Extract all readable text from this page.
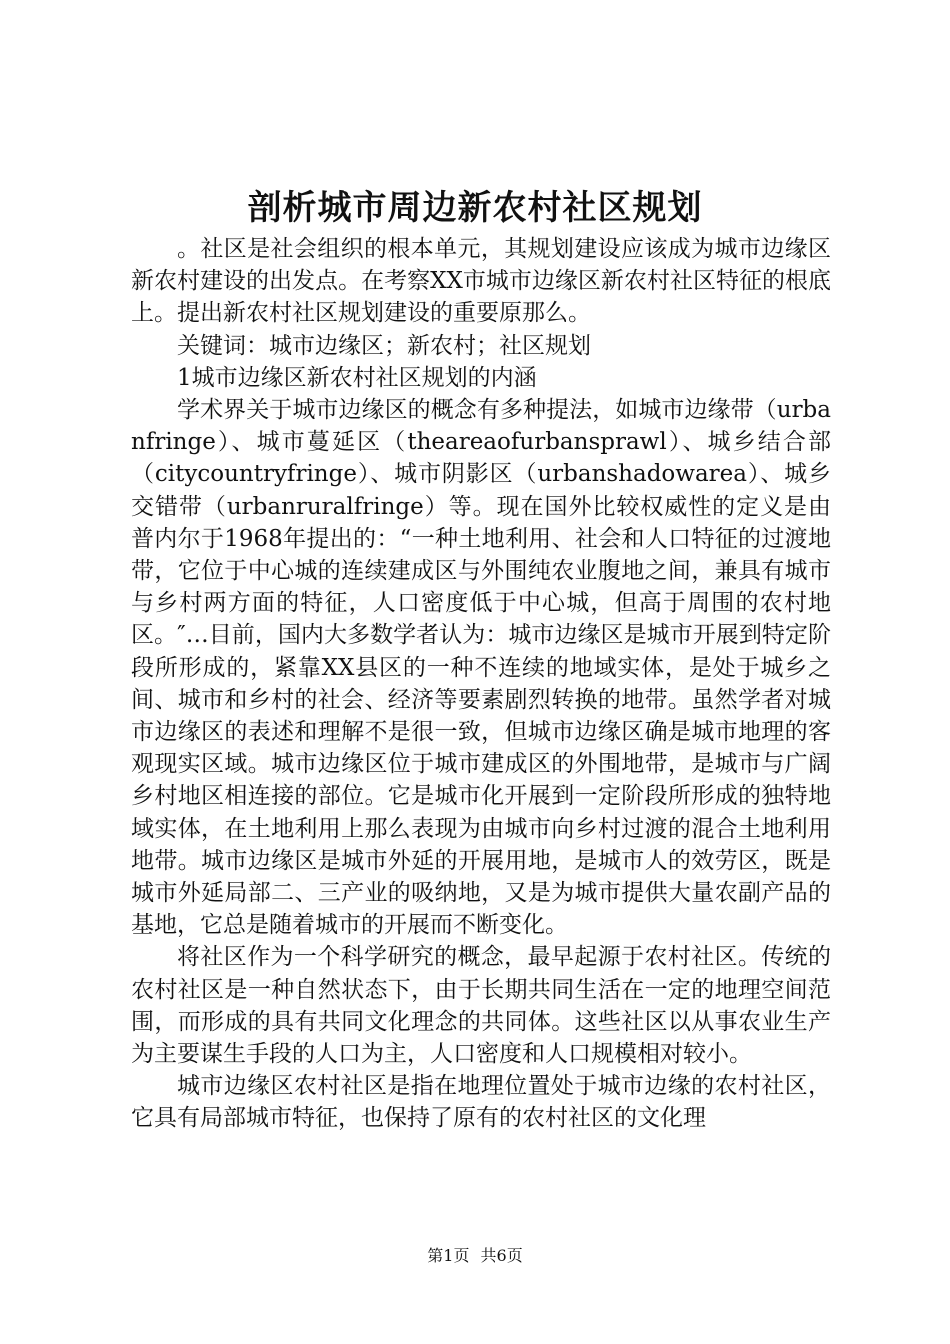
剖析城市周边新农村社区规划

。社区是社会组织的根本单元，其规划建设应该成为城市边缘区新农村建设的出发点。在考察XX市城市边缘区新农村社区特征的根底上。提出新农村社区规划建设的重要原那么。

关键词：城市边缘区；新农村；社区规划

1城市边缘区新农村社区规划的内涵

学术界关于城市边缘区的概念有多种提法，如城市边缘带（urbanfringe）、城市蔓延区（theareaofurbansprawl）、城乡结合部（citycountryfringe）、城市阴影区（urbanshadowarea）、城乡交错带（urbanruralfringe）等。现在国外比较权威性的定义是由普内尔于1968年提出的：“一种土地利用、社会和人口特征的过渡地带，它位于中心城的连续建成区与外围纯农业腹地之间，兼具有城市与乡村两方面的特征，人口密度低于中心城，但高于周围的农村地区。″…目前，国内大多数学者认为：城市边缘区是城市开展到特定阶段所形成的，紧靠XX县区的一种不连续的地域实体，是处于城乡之间、城市和乡村的社会、经济等要素剧烈转换的地带。虽然学者对城市边缘区的表述和理解不是很一致，但城市边缘区确是城市地理的客观现实区域。城市边缘区位于城市建成区的外围地带，是城市与广阔乡村地区相连接的部位。它是城市化开展到一定阶段所形成的独特地域实体，在土地利用上那么表现为由城市向乡村过渡的混合土地利用地带。城市边缘区是城市外延的开展用地，是城市人的效劳区，既是城市外延局部二、三产业的吸纳地，又是为城市提供大量农副产品的基地，它总是随着城市的开展而不断变化。

将社区作为一个科学研究的概念，最早起源于农村社区。传统的农村社区是一种自然状态下，由于长期共同生活在一定的地理空间范围，而形成的具有共同文化理念的共同体。这些社区以从事农业生产为主要谋生手段的人口为主，人口密度和人口规模相对较小。

城市边缘区农村社区是指在地理位置处于城市边缘的农村社区，它具有局部城市特征，也保持了原有的农村社区的文化理

第1页 共6页
